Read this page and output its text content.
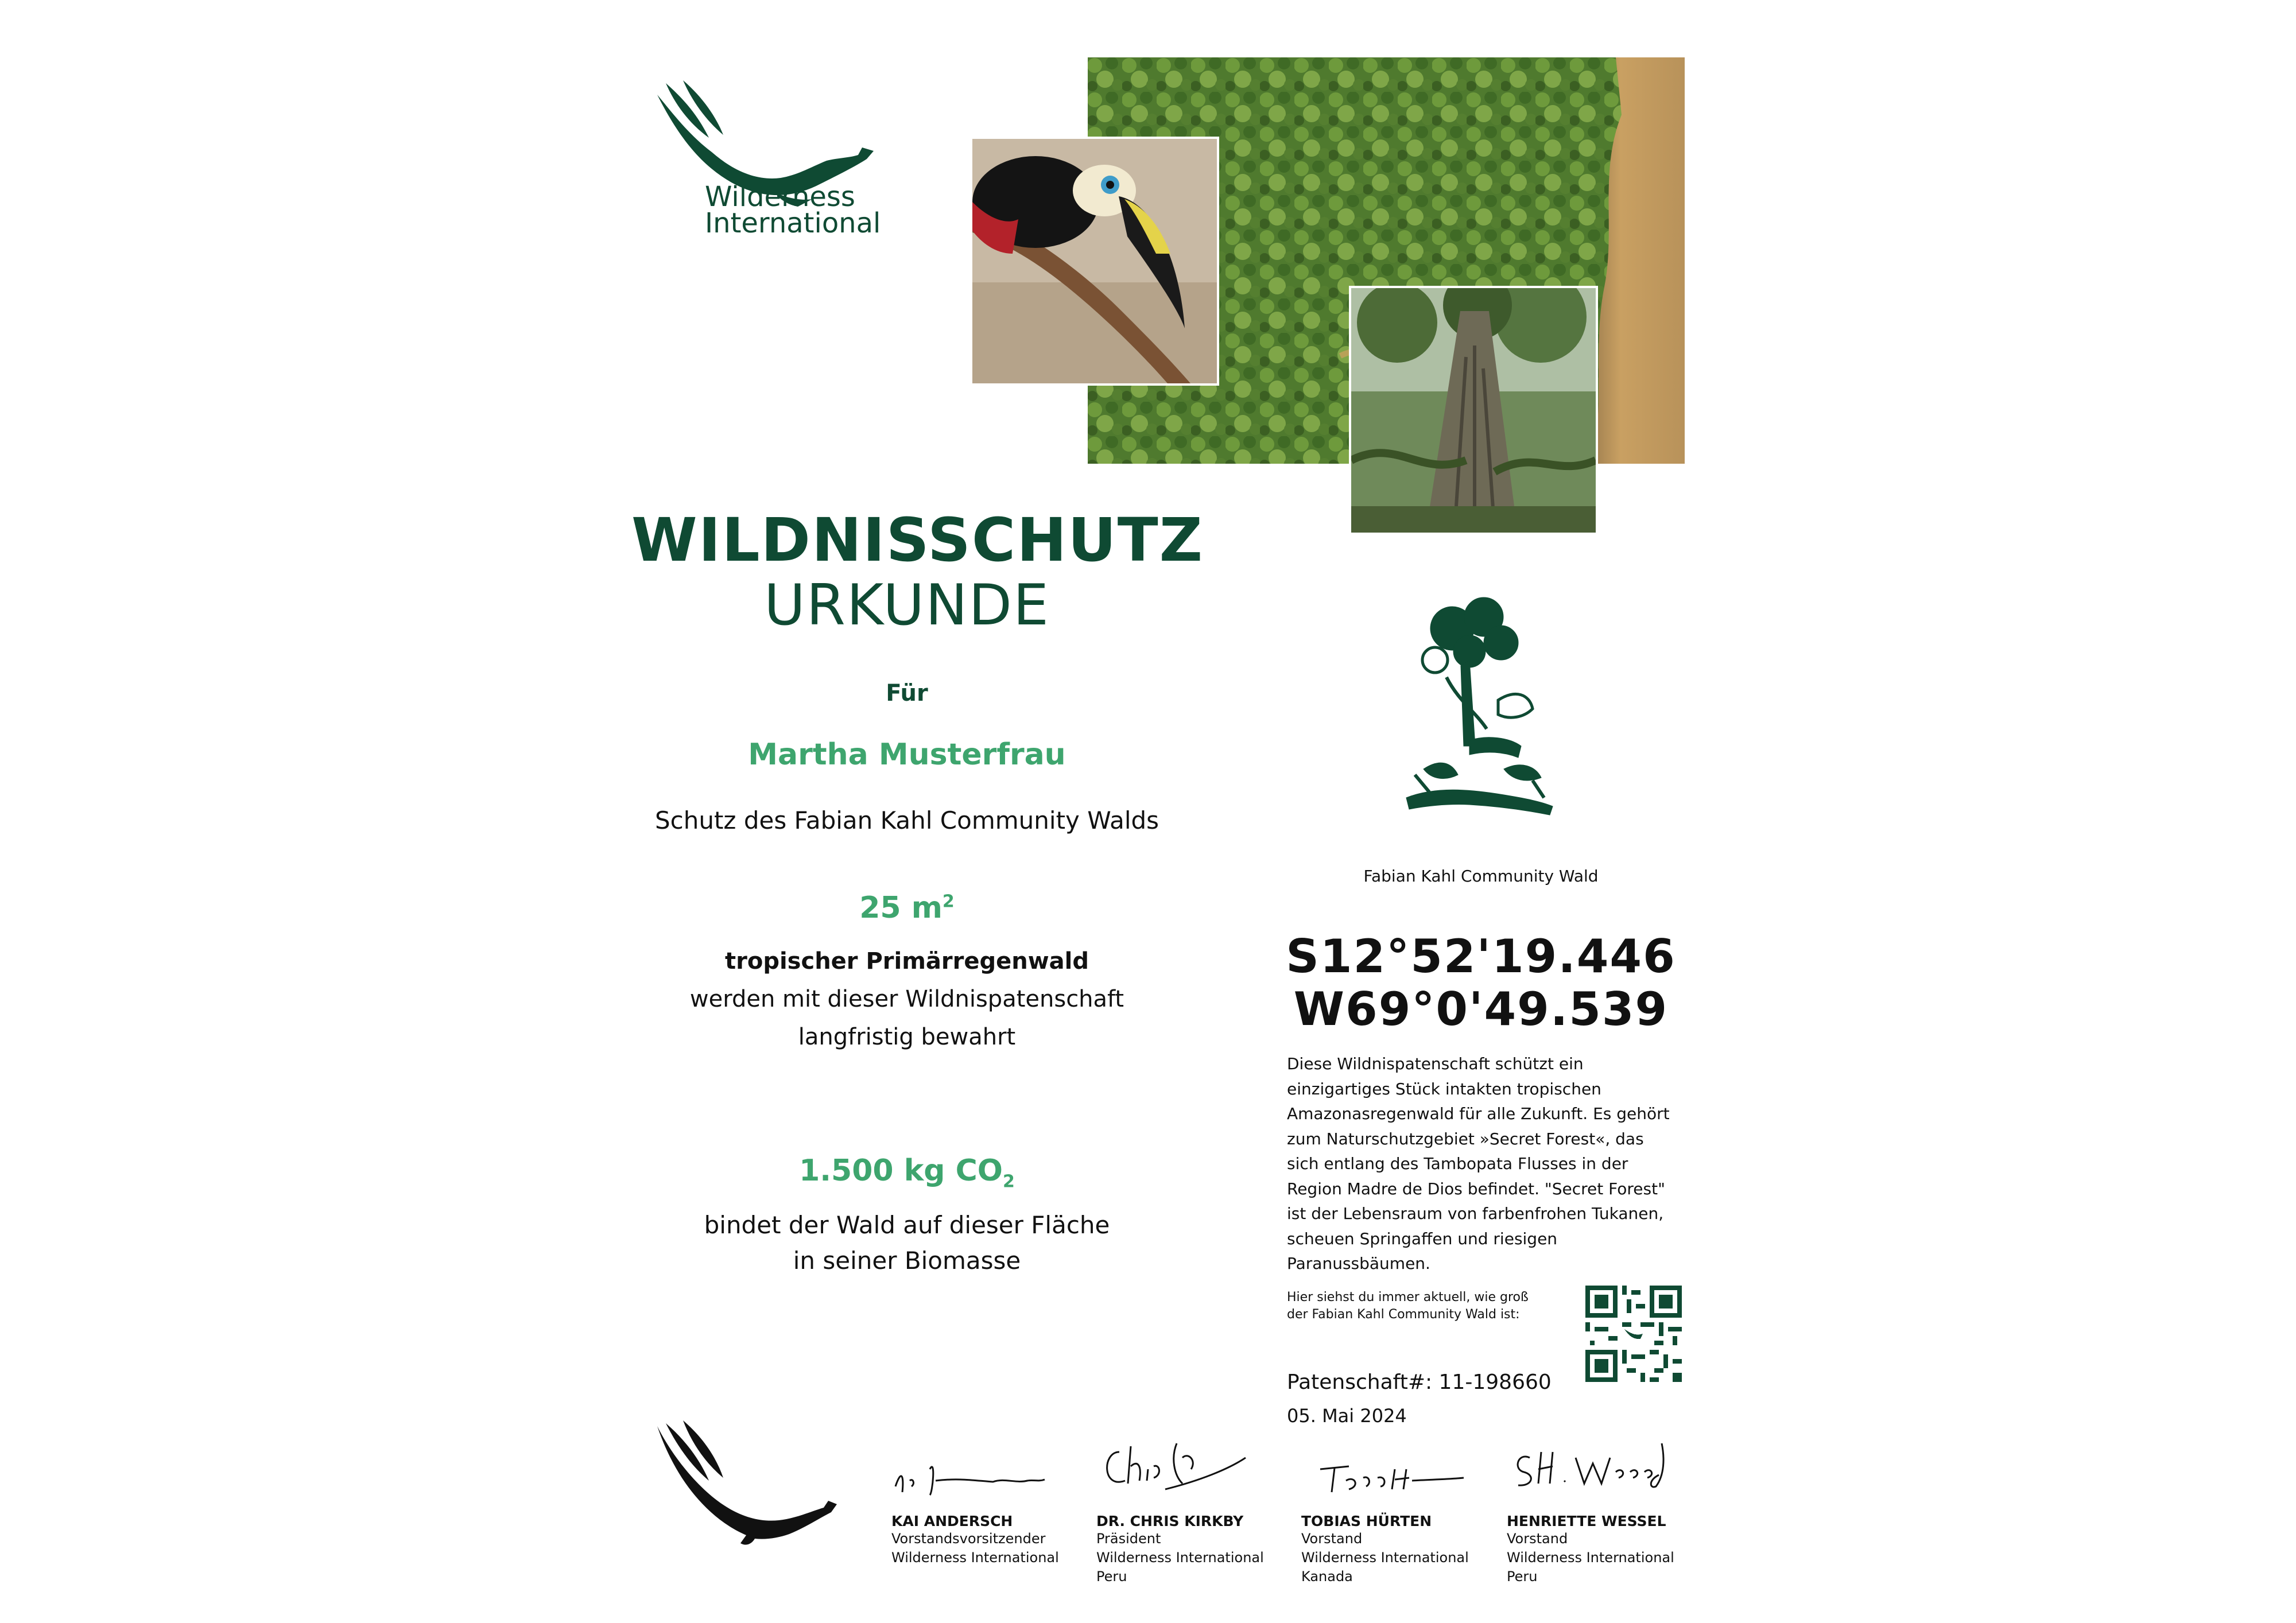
Wilderness
International
WILDNISSCHUTZ
URKUNDE
Für
Martha Musterfrau
Schutz des Fabian Kahl Community Walds
25 $m^2$
tropischer Primärregenwald
werden mit dieser Wildnispatenschaft
langfristig bewahrt
1.500 kg $CO_2$
bindet der Wald auf dieser Fläche
in seiner Biomasse
Fabian Kahl Community Wald
S12°52'19.446
W69°0'49.539
Diese Wildnispatenschaft schützt ein
einzigartiges Stück intakten tropischen
Amazonasregenwald für alle Zukunft. Es gehört
zum Naturschutzgebiet »Secret Forest«, das
sich entlang des Tambopata Flusses in der
Region Madre de Dios befindet. "Secret Forest"
ist der Lebensraum von farbenfrohen Tukanen,
scheuen Springaffen und riesigen
Paranussbäumen.
Hier siehst du immer aktuell, wie groß
der Fabian Kahl Community Wald ist:
Patenschaft#: 11-198660
05. Mai 2024
KAI ANDERSCH
Vorstandsvorsitzender
Wilderness International
DR. CHRIS KIRKBY
Präsident
Wilderness International
Peru
TOBIAS HÜRTEN
Vorstand
Wilderness International
Kanada
HENRIETTE WESSEL
Vorstand
Wilderness International
Peru
